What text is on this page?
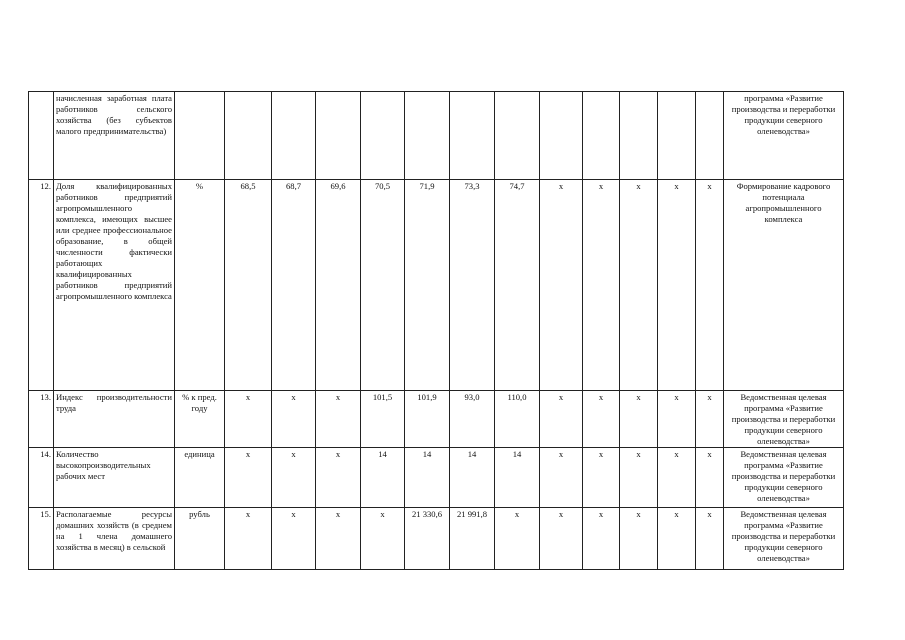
	начисленная заработная плата работников сельского хозяйства (без субъектов малого предпринимательства)														программа «Развитие производства и переработки продукции северного оленеводства»
12.	Доля квалифицированных работников предприятий агропромышленного комплекса, имеющих высшее или среднее профессиональное образование, в общей численности фактически работающих квалифицированных работников предприятий агропромышленного комплекса	%	68,5	68,7	69,6	70,5	71,9	73,3	74,7	x	x	x	x	x	Формирование кадрового потенциала агропромышленного комплекса
13.	Индекс производительности труда	% к пред. году	x	x	x	101,5	101,9	93,0	110,0	x	x	x	x	x	Ведомственная целевая программа «Развитие производства и переработки продукции северного оленеводства»
14.	Количество высокопроизводительных рабочих мест	единица	x	x	x	14	14	14	14	x	x	x	x	x	Ведомственная целевая программа «Развитие производства и переработки продукции северного оленеводства»
15.	Располагаемые ресурсы домашних хозяйств (в среднем на 1 члена домашнего хозяйства в месяц) в сельской	рубль	x	x	x	x	21 330,6	21 991,8	x	x	x	x	x	x	Ведомственная целевая программа «Развитие производства и переработки продукции северного оленеводства»
